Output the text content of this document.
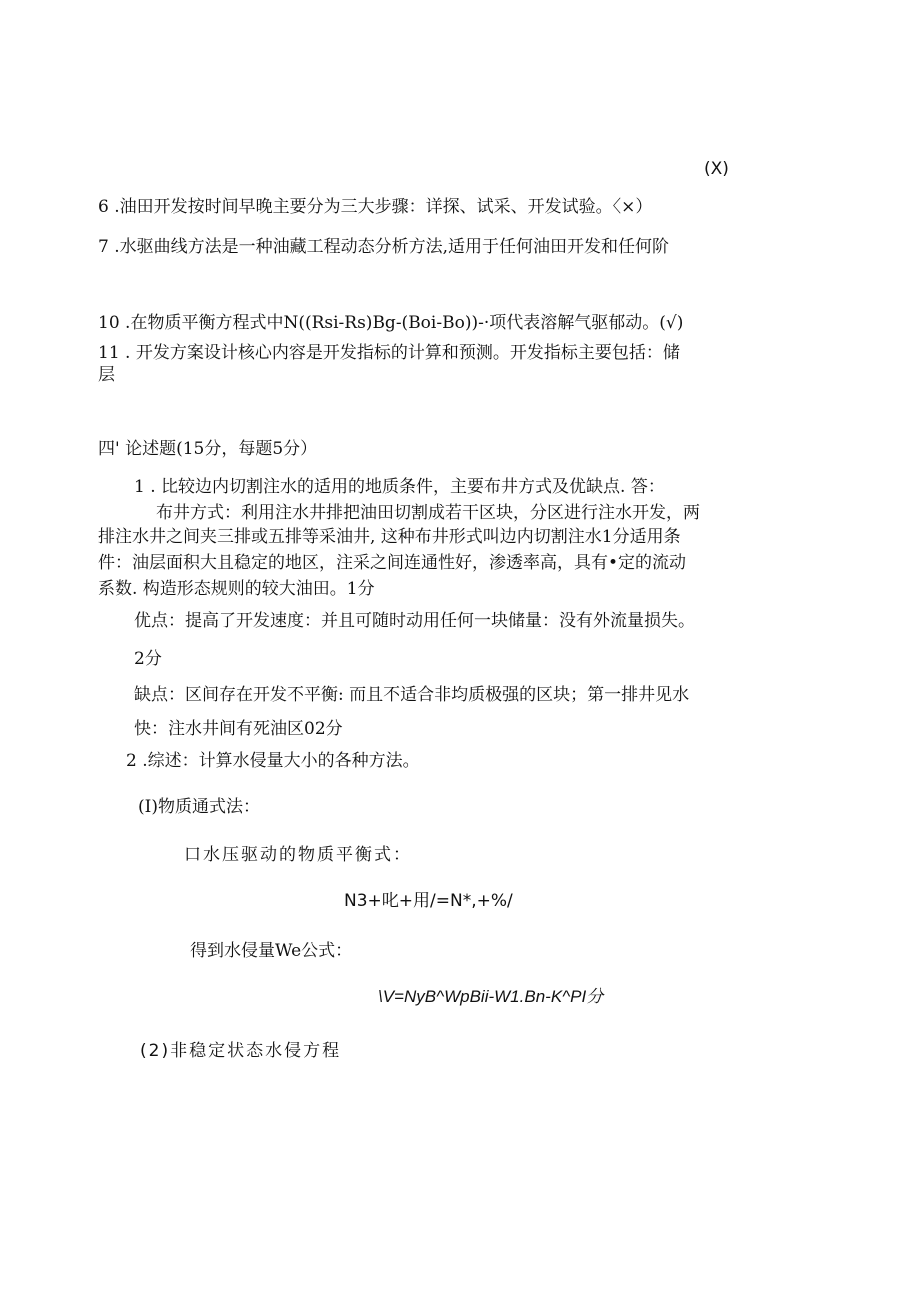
(X)
6 .油田开发按时间早晚主要分为三大步骤：详探、试采、开发试验。〈×）
7 .水驱曲线方法是一种油藏工程动态分析方法,适用于任何油田开发和任何阶
10 .在物质平衡方程式中N((Rsi-Rs)Bg-(Boi-Bo))-·项代表溶解气驱郁动。(√)
11 . 开发方案设计核心内容是开发指标的计算和预测。开发指标主要包括：储
层
四' 论述题(15分，每题5分）
1 . 比较边内切割注水的适用的地质条件，主要布井方式及优缺点. 答：
布井方式：利用注水井排把油田切割成若干区块，分区进行注水开发，两
排注水井之间夹三排或五排等采油井, 这种布井形式叫边内切割注水1分适用条
件：油层面积大且稳定的地区，注采之间连通性好，渗透率高，具有•定的流动
系数. 构造形态规则的较大油田。1分
优点：提高了开发速度：并且可随时动用任何一块储量：没有外流量损失。
2分
缺点：区间存在开发不平衡: 而且不适合非均质极强的区块；第一排井见水
快：注水井间有死油区02分
2 .综述：计算水侵量大小的各种方法。
(I)物质通式法：
口水压驱动的物质平衡式：
N3+叱+用/=N*,+%/
得到水侵量We公式：
\V=NyB^WpBii-W1.Bn-K^PI分
(2)非稳定状态水侵方程
